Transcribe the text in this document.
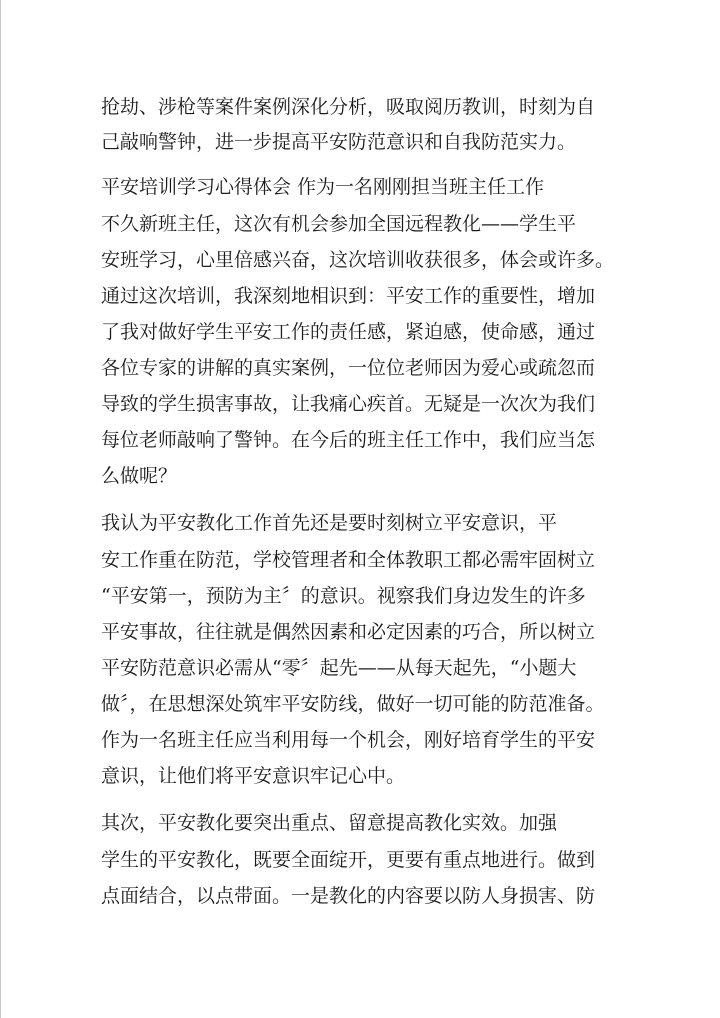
抢劫、涉枪等案件案例深化分析，吸取阅历教训，时刻为自
己敲响警钟，进一步提高平安防范意识和自我防范实力。
平安培训学习心得体会 作为一名刚刚担当班主任工作
不久新班主任，这次有机会参加全国远程教化——学生平
安班学习，心里倍感兴奋，这次培训收获很多，体会或许多。
通过这次培训，我深刻地相识到：平安工作的重要性，增加
了我对做好学生平安工作的责任感，紧迫感，使命感，通过
各位专家的讲解的真实案例，一位位老师因为爱心或疏忽而
导致的学生损害事故，让我痛心疾首。无疑是一次次为我们
每位老师敲响了警钟。在今后的班主任工作中，我们应当怎
么做呢？
我认为平安教化工作首先还是要时刻树立平安意识，平
安工作重在防范，学校管理者和全体教职工都必需牢固树立
“平安第一，预防为主〞的意识。视察我们身边发生的许多
平安事故，往往就是偶然因素和必定因素的巧合，所以树立
平安防范意识必需从“零〞起先——从每天起先，“小题大
做〞，在思想深处筑牢平安防线，做好一切可能的防范准备。
作为一名班主任应当利用每一个机会，刚好培育学生的平安
意识，让他们将平安意识牢记心中。
其次，平安教化要突出重点、留意提高教化实效。加强
学生的平安教化，既要全面绽开，更要有重点地进行。做到
点面结合，以点带面。一是教化的内容要以防人身损害、防
